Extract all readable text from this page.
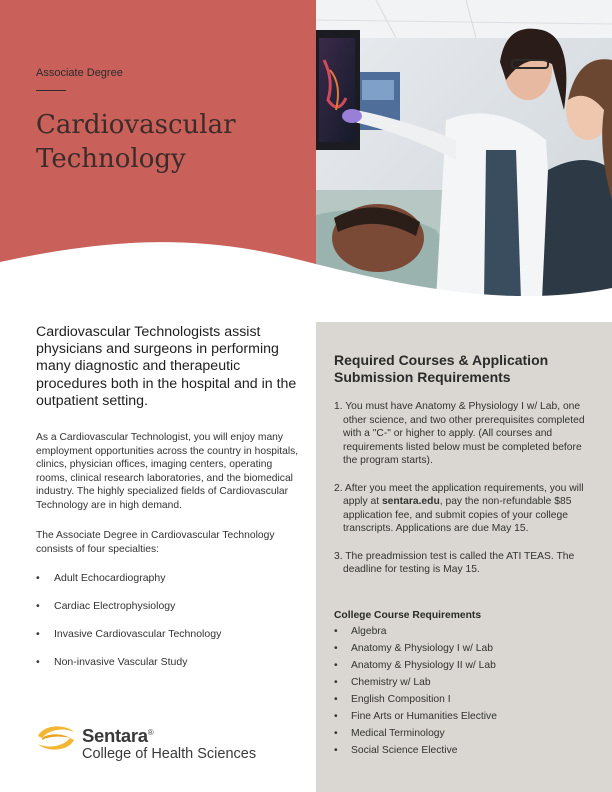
Associate Degree
Cardiovascular
Technology

Cardiovascular Technologists assist physicians and surgeons in performing many diagnostic and therapeutic procedures both in the hospital and in the outpatient setting.

As a Cardiovascular Technologist, you will enjoy many employment opportunities across the country in hospitals, clinics, physician offices, imaging centers, operating rooms, clinical research laboratories, and the biomedical industry. The highly specialized fields of Cardiovascular Technology are in high demand.

The Associate Degree in Cardiovascular Technology consists of four specialties:

• Adult Echocardiography
• Cardiac Electrophysiology
• Invasive Cardiovascular Technology
• Non-invasive Vascular Study
Sentara®
College of Health Sciences
Required Courses & Application Submission Requirements
1. You must have Anatomy & Physiology I w/ Lab, one other science, and two other prerequisites completed with a "C-" or higher to apply. (All courses and requirements listed below must be completed before the program starts).
2. After you meet the application requirements, you will apply at sentara.edu, pay the non-refundable $85 application fee, and submit copies of your college transcripts. Applications are due May 15.
3. The preadmission test is called the ATI TEAS. The deadline for testing is May 15.
College Course Requirements
• Algebra
• Anatomy & Physiology I w/ Lab
• Anatomy & Physiology II w/ Lab
• Chemistry w/ Lab
• English Composition I
• Fine Arts or Humanities Elective
• Medical Terminology
• Social Science Elective
